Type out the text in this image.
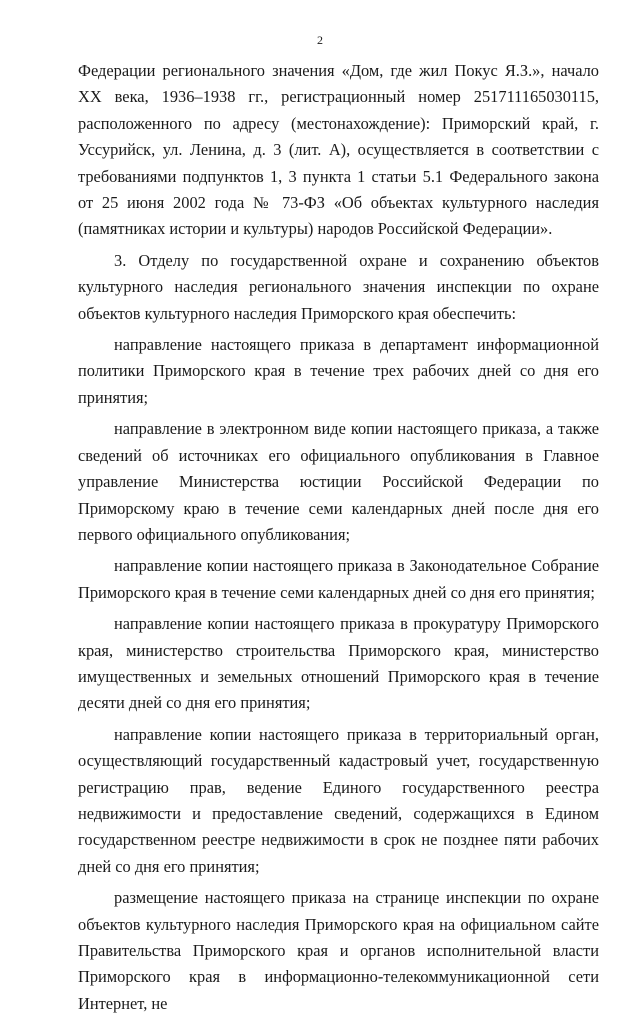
2

Федерации регионального значения «Дом, где жил Покус Я.З.», начало XX века, 1936–1938 гг., регистрационный номер 251711165030115, расположенного по адресу (местонахождение): Приморский край, г. Уссурийск, ул. Ленина, д. 3 (лит. А), осуществляется в соответствии с требованиями подпунктов 1, 3 пункта 1 статьи 5.1 Федерального закона от 25 июня 2002 года № 73-ФЗ «Об объектах культурного наследия (памятниках истории и культуры) народов Российской Федерации».

3. Отделу по государственной охране и сохранению объектов культурного наследия регионального значения инспекции по охране объектов культурного наследия Приморского края обеспечить:

направление настоящего приказа в департамент информационной политики Приморского края в течение трех рабочих дней со дня его принятия;

направление в электронном виде копии настоящего приказа, а также сведений об источниках его официального опубликования в Главное управление Министерства юстиции Российской Федерации по Приморскому краю в течение семи календарных дней после дня его первого официального опубликования;

направление копии настоящего приказа в Законодательное Собрание Приморского края в течение семи календарных дней со дня его принятия;

направление копии настоящего приказа в прокуратуру Приморского края, министерство строительства Приморского края, министерство имущественных и земельных отношений Приморского края в течение десяти дней со дня его принятия;

направление копии настоящего приказа в территориальный орган, осуществляющий государственный кадастровый учет, государственную регистрацию прав, ведение Единого государственного реестра недвижимости и предоставление сведений, содержащихся в Едином государственном реестре недвижимости в срок не позднее пяти рабочих дней со дня его принятия;

размещение настоящего приказа на странице инспекции по охране объектов культурного наследия Приморского края на официальном сайте Правительства Приморского края и органов исполнительной власти Приморского края в информационно-телекоммуникационной сети Интернет, не
